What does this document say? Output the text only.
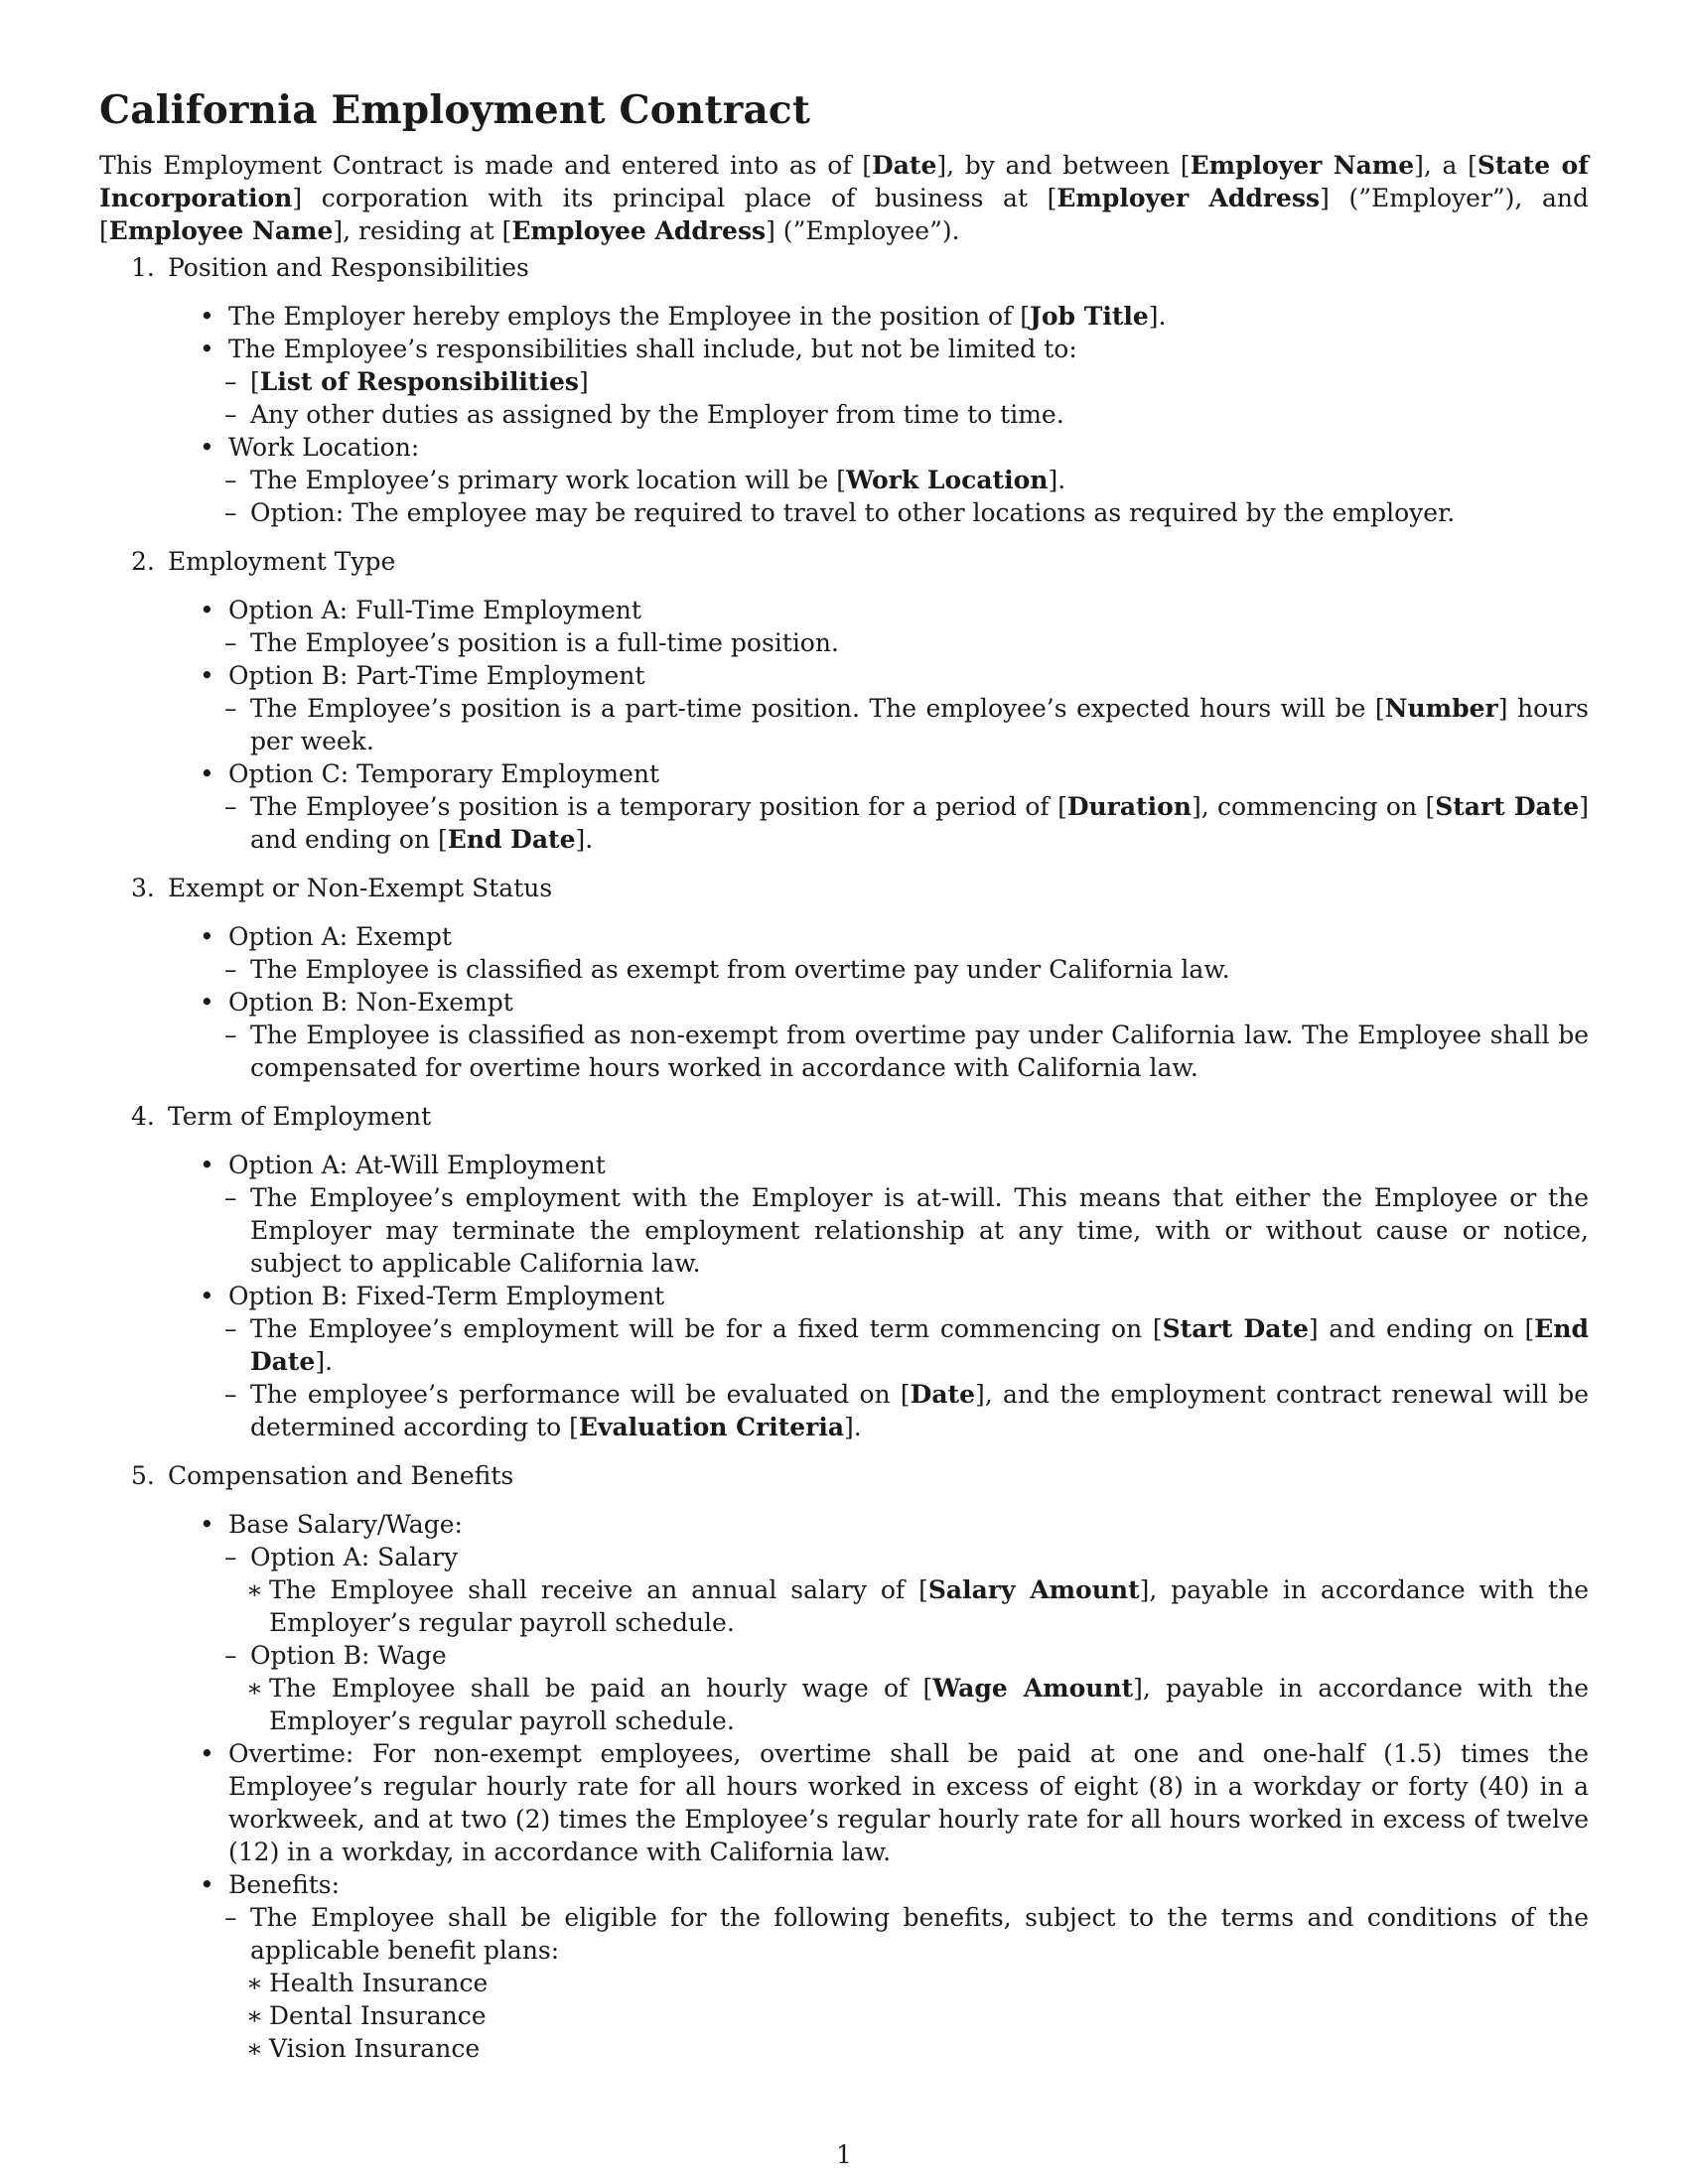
California Employment Contract

This Employment Contract is made and entered into as of [Date], by and between [Employer Name], a [State of Incorporation] corporation with its principal place of business at [Employer Address] (”Employer”), and [Employee Name], residing at [Employee Address] (”Employee”).

1. Position and Responsibilities
• The Employer hereby employs the Employee in the position of [Job Title].
• The Employee’s responsibilities shall include, but not be limited to:
– [List of Responsibilities]
– Any other duties as assigned by the Employer from time to time.
• Work Location:
– The Employee’s primary work location will be [Work Location].
– Option: The employee may be required to travel to other locations as required by the employer.
2. Employment Type
• Option A: Full-Time Employment
– The Employee’s position is a full-time position.
• Option B: Part-Time Employment
– The Employee’s position is a part-time position. The employee’s expected hours will be [Number] hours per week.
• Option C: Temporary Employment
– The Employee’s position is a temporary position for a period of [Duration], commencing on [Start Date] and ending on [End Date].
3. Exempt or Non-Exempt Status
• Option A: Exempt
– The Employee is classified as exempt from overtime pay under California law.
• Option B: Non-Exempt
– The Employee is classified as non-exempt from overtime pay under California law. The Employee shall be compensated for overtime hours worked in accordance with California law.
4. Term of Employment
• Option A: At-Will Employment
– The Employee’s employment with the Employer is at-will. This means that either the Employee or the Employer may terminate the employment relationship at any time, with or without cause or notice, subject to applicable California law.
• Option B: Fixed-Term Employment
– The Employee’s employment will be for a fixed term commencing on [Start Date] and ending on [End Date].
– The employee’s performance will be evaluated on [Date], and the employment contract renewal will be determined according to [Evaluation Criteria].
5. Compensation and Benefits
• Base Salary/Wage:
– Option A: Salary
∗ The Employee shall receive an annual salary of [Salary Amount], payable in accordance with the Employer’s regular payroll schedule.
– Option B: Wage
∗ The Employee shall be paid an hourly wage of [Wage Amount], payable in accordance with the Employer’s regular payroll schedule.
• Overtime: For non-exempt employees, overtime shall be paid at one and one-half (1.5) times the Employee’s regular hourly rate for all hours worked in excess of eight (8) in a workday or forty (40) in a workweek, and at two (2) times the Employee’s regular hourly rate for all hours worked in excess of twelve (12) in a workday, in accordance with California law.
• Benefits:
– The Employee shall be eligible for the following benefits, subject to the terms and conditions of the applicable benefit plans:
∗ Health Insurance
∗ Dental Insurance
∗ Vision Insurance
1
